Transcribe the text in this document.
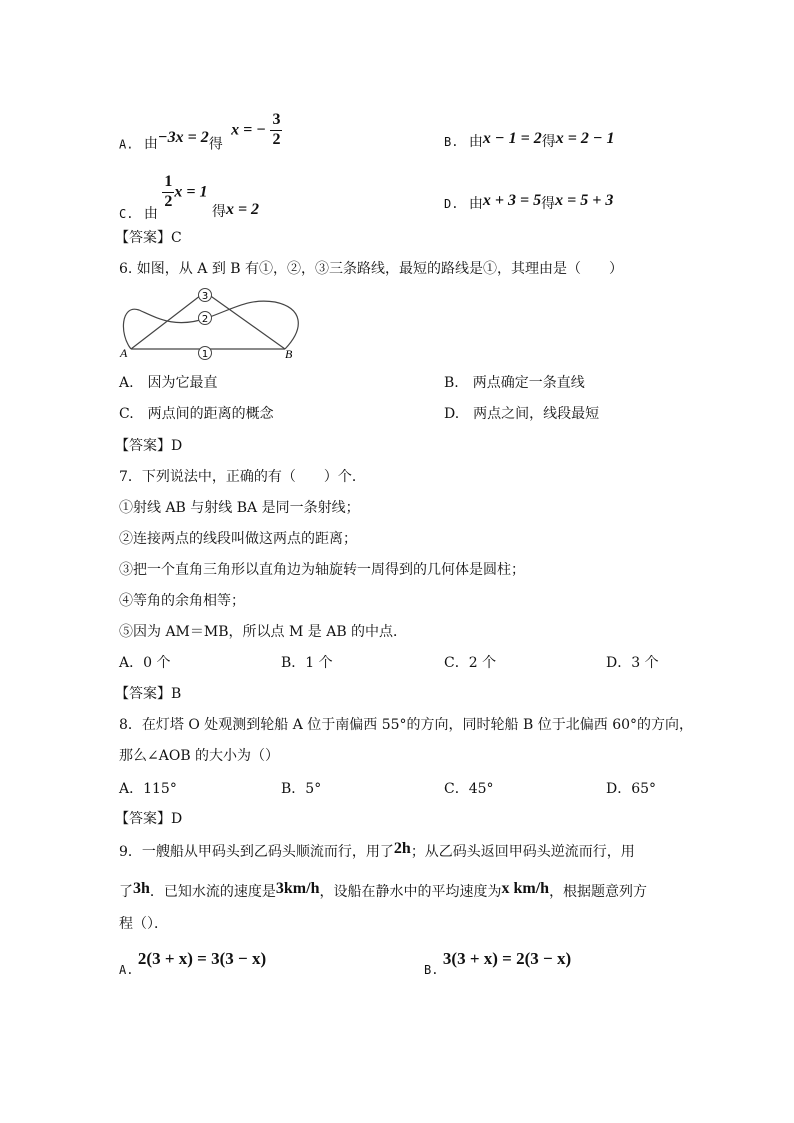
A. 由−3x = 2得 x = − $\frac{3}{2}$	B. 由x − 1 = 2得x = 2 − 1
C. 由
$\frac{1}{2}$ x = 1 得x = 2	D. 由x + 3 = 5得x = 5 + 3
【答案】C
6. 如图，从 A 到 B 有①，②，③三条路线，最短的路线是①，其理由是（　　）
3
2
1
A	B
A.　因为它最直	B.　两点确定一条直线
C.　两点间的距离的概念	D.　两点之间，线段最短
【答案】D
7．下列说法中，正确的有（　　）个．
①射线 AB 与射线 BA 是同一条射线；
②连接两点的线段叫做这两点的距离；
③把一个直角三角形以直角边为轴旋转一周得到的几何体是圆柱；
④等角的余角相等；
⑤因为 AM＝MB，所以点 M 是 AB 的中点．
A．0 个	B．1 个	C．2 个	D．3 个
【答案】B
8．在灯塔 O 处观测到轮船 A 位于南偏西 55°的方向，同时轮船 B 位于北偏西 60°的方向，
那么∠AOB 的大小为（）
A．115°	B．5°	C．45°	D．65°
【答案】D
9．一艘船从甲码头到乙码头顺流而行，用了2h；从乙码头返回甲码头逆流而行，用
了3h．已知水流的速度是3km/h，设船在静水中的平均速度为x km/h，根据题意列方
程（）．
A. 2(3 + x) = 3(3 − x)
B. 3(3 + x) = 2(3 − x)
